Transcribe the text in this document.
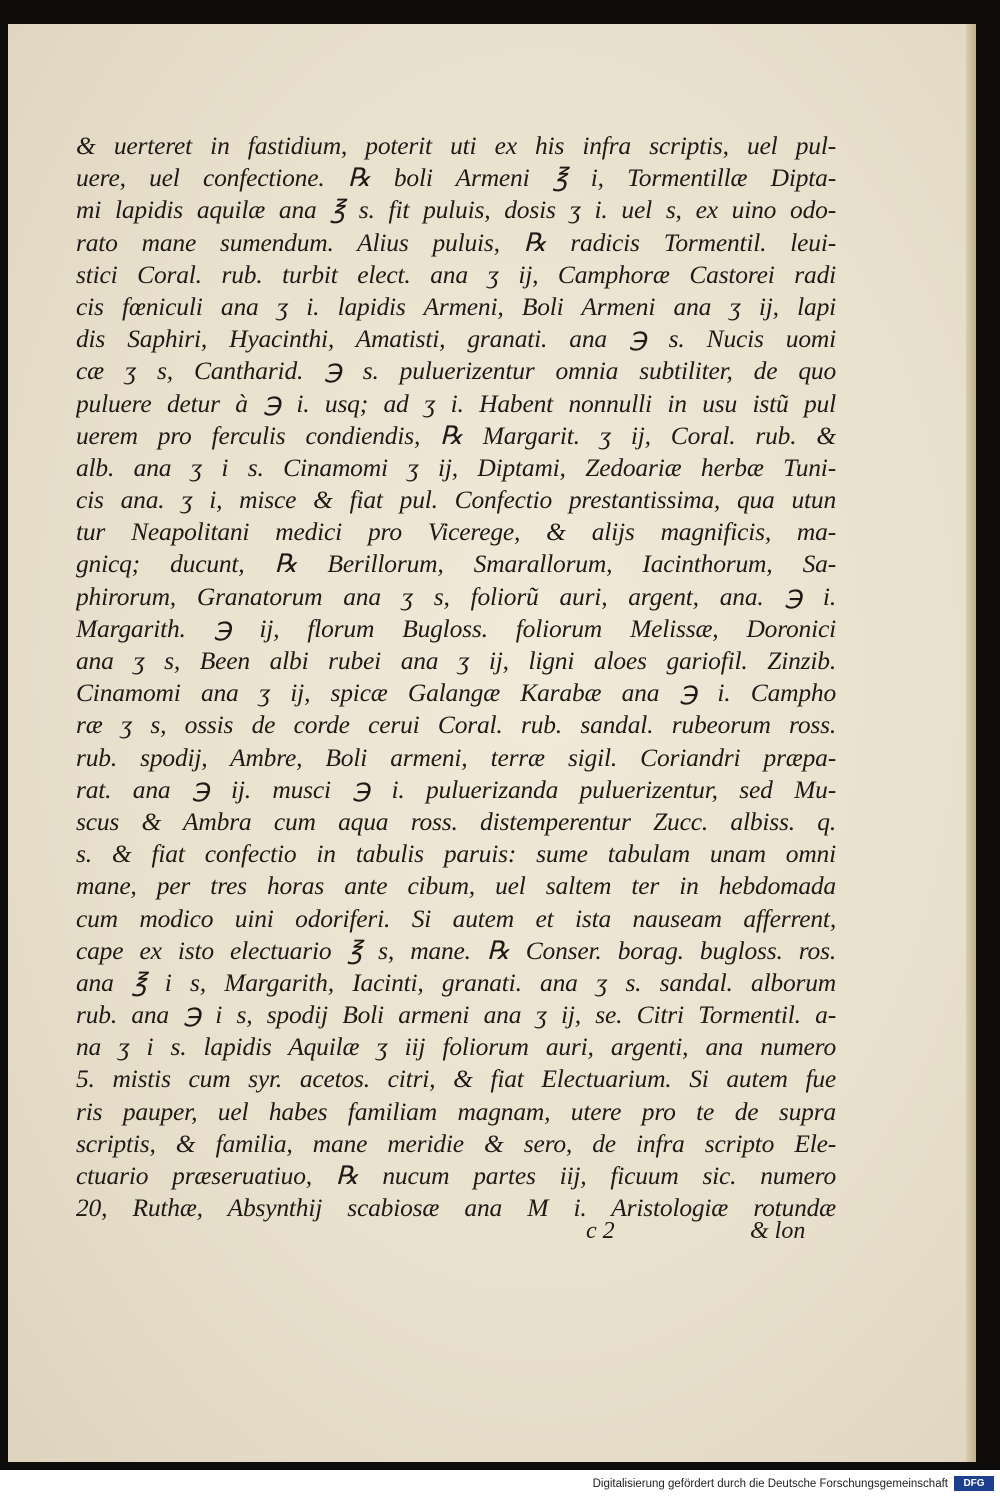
& uerteret in fastidium, poterit uti ex his infra scriptis, uel pul-
uere, uel confectione. ℞ boli Armeni ℥ i, Tormentillæ Dipta-
mi lapidis aquilæ ana ℥ s. fit puluis, dosis ʒ i. uel s, ex uino odo-
rato mane sumendum. Alius puluis, ℞ radicis Tormentil. leui-
stici Coral. rub. turbit elect. ana ʒ ij, Camphoræ Castorei radi
cis fœniculi ana ʒ i. lapidis Armeni, Boli Armeni ana ʒ ij, lapi
dis Saphiri, Hyacinthi, Amatisti, granati. ana ℈ s. Nucis uomi
cæ ʒ s, Cantharid. ℈ s. puluerizentur omnia subtiliter, de quo
puluere detur à ℈ i. usq; ad ʒ i. Habent nonnulli in usu istũ pul
uerem pro ferculis condiendis, ℞ Margarit. ʒ ij, Coral. rub. &
alb. ana ʒ i s. Cinamomi ʒ ij, Diptami, Zedoariæ herbæ Tuni-
cis ana. ʒ i, misce & fiat pul. Confectio prestantissima, qua utun
tur Neapolitani medici pro Vicerege, & alijs magnificis, ma-
gnicq; ducunt, ℞ Berillorum, Smarallorum, Iacinthorum, Sa-
phirorum, Granatorum ana ʒ s, foliorũ auri, argent, ana. ℈ i.
Margarith. ℈ ij, florum Bugloss. foliorum Melissæ, Doronici
ana ʒ s, Been albi rubei ana ʒ ij, ligni aloes gariofil. Zinzib.
Cinamomi ana ʒ ij, spicæ Galangæ Karabæ ana ℈ i. Campho
ræ ʒ s, ossis de corde cerui Coral. rub. sandal. rubeorum ross.
rub. spodij, Ambre, Boli armeni, terræ sigil. Coriandri præpa-
rat. ana ℈ ij. musci ℈ i. puluerizanda puluerizentur, sed Mu-
scus & Ambra cum aqua ross. distemperentur Zucc. albiss. q.
s. & fiat confectio in tabulis paruis: sume tabulam unam omni
mane, per tres horas ante cibum, uel saltem ter in hebdomada
cum modico uini odoriferi. Si autem et ista nauseam afferrent,
cape ex isto electuario ℥ s, mane. ℞ Conser. borag. bugloss. ros.
ana ℥ i s, Margarith, Iacinti, granati. ana ʒ s. sandal. alborum
rub. ana ℈ i s, spodij Boli armeni ana ʒ ij, se. Citri Tormentil. a-
na ʒ i s. lapidis Aquilæ ʒ iij foliorum auri, argenti, ana numero
5. mistis cum syr. acetos. citri, & fiat Electuarium. Si autem fue
ris pauper, uel habes familiam magnam, utere pro te de supra
scriptis, & familia, mane meridie & sero, de infra scripto Ele-
ctuario præseruatiuo, ℞ nucum partes iij, ficuum sic. numero
20, Ruthæ, Absynthij scabiosæ ana M i. Aristologiæ rotundæ
c 2	& lon
Digitalisierung gefördert durch die Deutsche Forschungsgemeinschaft	DFG
